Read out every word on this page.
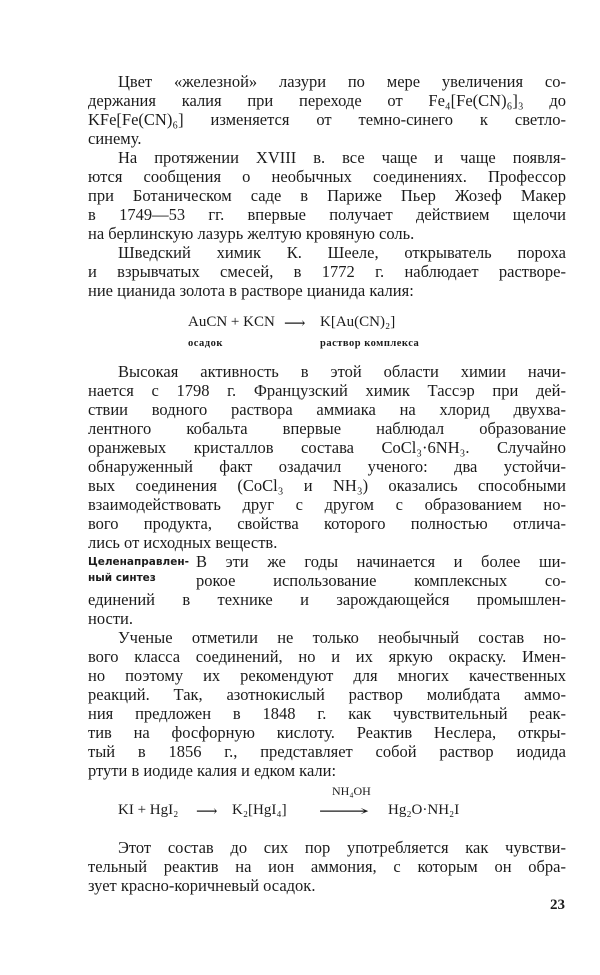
Цвет «железной» лазури по мере увеличения со-
держания калия при переходе от Fe₄[Fe(CN)₆]₃ до
KFe[Fe(CN)₆] изменяется от темно-синего к светло-
синему.
На протяжении XVIII в. все чаще и чаще появля-
ются сообщения о необычных соединениях. Профессор
при Ботаническом саде в Париже Пьер Жозеф Макер
в 1749—53 гг. впервые получает действием щелочи
на берлинскую лазурь желтую кровяную соль.
Шведский химик К. Шееле, открыватель пороха
и взрывчатых смесей, в 1772 г. наблюдает растворе-
ние цианида золота в растворе цианида калия:
AuCN + KCN ⟶ K[Au(CN)₂]
осадок	раствор комплекса
Высокая активность в этой области химии начи-
нается с 1798 г. Французский химик Тассэр при дей-
ствии водного раствора аммиака на хлорид двухва-
лентного кобальта впервые наблюдал образование
оранжевых кристаллов состава CoCl₃·6NH₃. Случайно
обнаруженный факт озадачил ученого: два устойчи-
вых соединения (CoCl₃ и NH₃) оказались способными
взаимодействовать друг с другом с образованием но-
вого продукта, свойства которого полностью отлича-
лись от исходных веществ.
Целенаправлен-
ный синтез
В эти же годы начинается и более ши-
рокое использование комплексных со-
единений в технике и зарождающейся промышлен-
ности.
Ученые отметили не только необычный состав но-
вого класса соединений, но и их яркую окраску. Имен-
но поэтому их рекомендуют для многих качественных
реакций. Так, азотнокислый раствор молибдата аммо-
ния предложен в 1848 г. как чувствительный реак-
тив на фосфорную кислоту. Реактив Неслера, откры-
тый в 1856 г., представляет собой раствор иодида
ртути в иодиде калия и едком кали:
KI + HgI₂ ⟶ K₂[HgI₄]
NH₄OH
⟶ Hg₂O·NH₂I
Этот состав до сих пор употребляется как чувстви-
тельный реактив на ион аммония, с которым он обра-
зует красно-коричневый осадок.
23
